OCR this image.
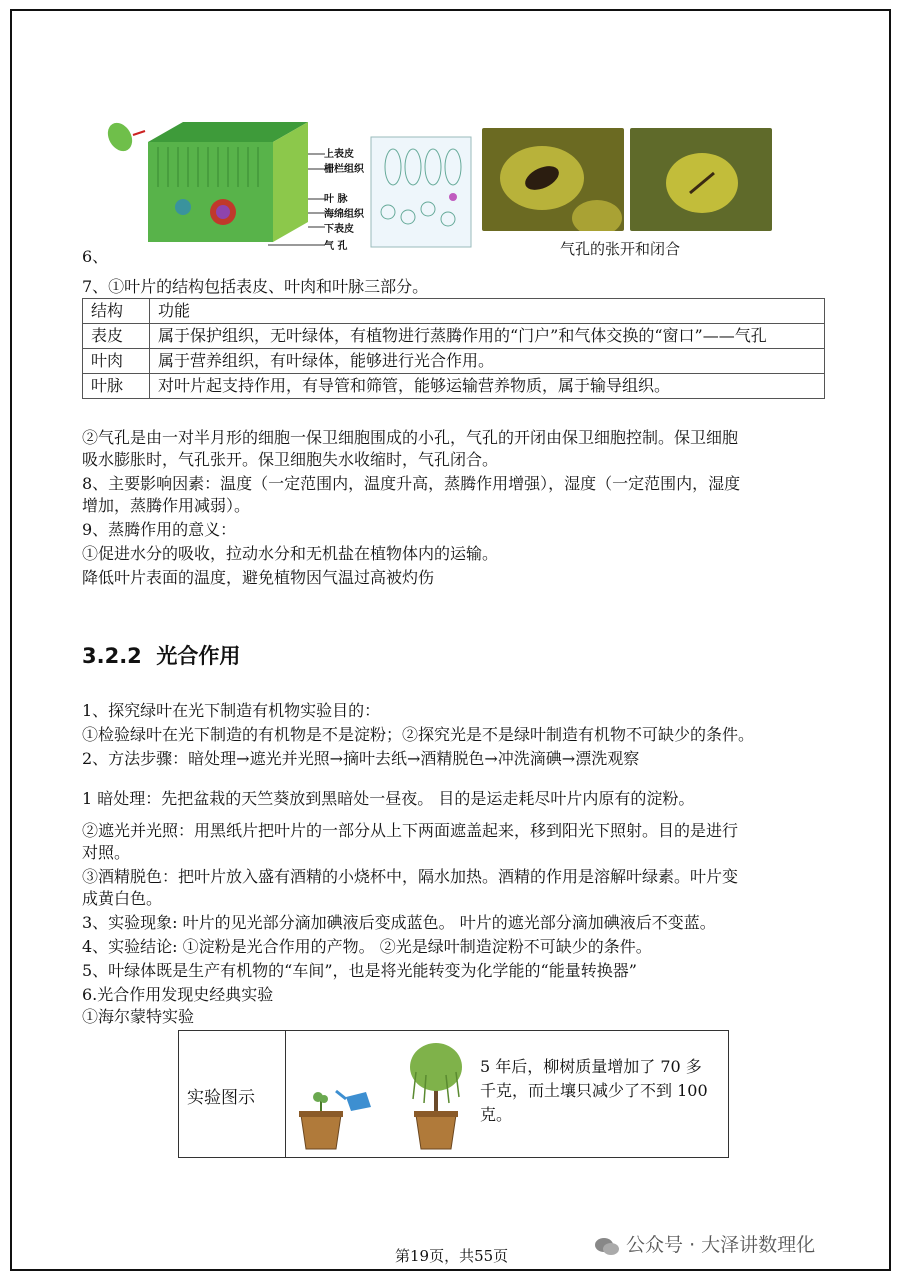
上表皮
栅栏组织
叶 脉
海绵组织
下表皮
气 孔	气孔的张开和闭合
6、
7、①叶片的结构包括表皮、叶肉和叶脉三部分。
结构	功能
表皮	属于保护组织，无叶绿体，有植物进行蒸腾作用的“门户”和气体交换的“窗口”——气孔
叶肉	属于营养组织，有叶绿体，能够进行光合作用。
叶脉	对叶片起支持作用，有导管和筛管，能够运输营养物质，属于输导组织。
②气孔是由一对半月形的细胞一保卫细胞围成的小孔，气孔的开闭由保卫细胞控制。保卫细胞
吸水膨胀时，气孔张开。保卫细胞失水收缩时，气孔闭合。
8、主要影响因素：温度（一定范围内，温度升高，蒸腾作用增强），湿度（一定范围内，湿度
增加，蒸腾作用减弱）。
9、蒸腾作用的意义：
①促进水分的吸收，拉动水分和无机盐在植物体内的运输。
降低叶片表面的温度，避免植物因气温过高被灼伤
3.2.2 光合作用
1、探究绿叶在光下制造有机物实验目的：
①检验绿叶在光下制造的有机物是不是淀粉；②探究光是不是绿叶制造有机物不可缺少的条件。
2、方法步骤：暗处理→遮光并光照→摘叶去纸→酒精脱色→冲洗滴碘→漂洗观察
1 暗处理：先把盆栽的天竺葵放到黑暗处一昼夜。 目的是运走耗尽叶片内原有的淀粉。
②遮光并光照：用黑纸片把叶片的一部分从上下两面遮盖起来，移到阳光下照射。目的是进行
对照。
③酒精脱色：把叶片放入盛有酒精的小烧杯中，隔水加热。酒精的作用是溶解叶绿素。叶片变
成黄白色。
3、实验现象: 叶片的见光部分滴加碘液后变成蓝色。 叶片的遮光部分滴加碘液后不变蓝。
4、实验结论: ①淀粉是光合作用的产物。 ②光是绿叶制造淀粉不可缺少的条件。
5、叶绿体既是生产有机物的“车间”，也是将光能转变为化学能的“能量转换器”
6.光合作用发现史经典实验
①海尔蒙特实验
实验图示
5 年后，柳树质量增加了 70 多
千克，而土壤只减少了不到 100
克。
第19页，共55页	公众号 · 大泽讲数理化
